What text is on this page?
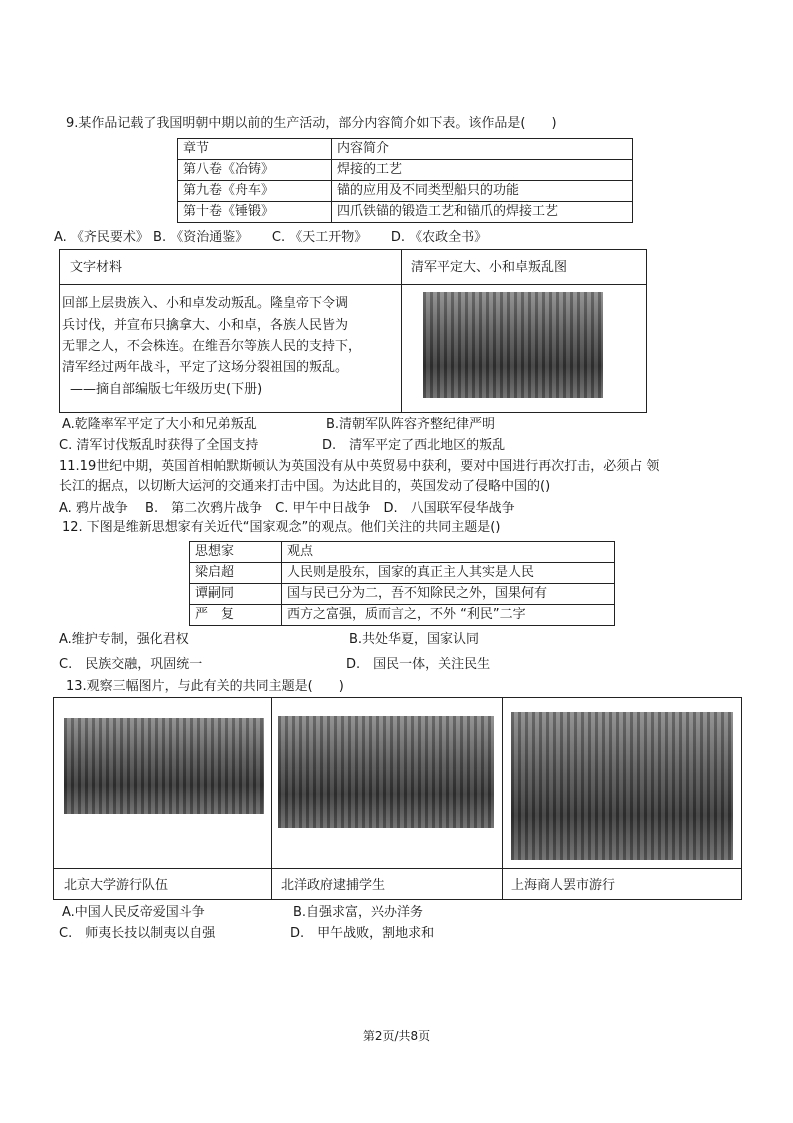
9.某作品记载了我国明朝中期以前的生产活动，部分内容简介如下表。该作品是(　　)
章节	内容简介
第八卷《冶铸》	焊接的工艺
第九卷《舟车》	锚的应用及不同类型船只的功能
第十卷《锤锻》	四爪铁锚的锻造工艺和锚爪的焊接工艺
A. 《齐民要术》 B. 《资治通鉴》　　 C. 《天工开物》　　 D. 《农政全书》
文字材料	清军平定大、小和卓叛乱图
回部上层贵族入、小和卓发动叛乱。隆皇帝下令调
兵讨伐，并宣布只擒拿大、小和卓，各族人民皆为
无罪之人，不会株连。在维吾尔等族人民的支持下，
清军经过两年战斗，平定了这场分裂祖国的叛乱。
——摘自部编版七年级历史(下册)
A.乾隆率军平定了大小和兄弟叛乱	B.清朝军队阵容齐整纪律严明
C. 清军讨伐叛乱时获得了全国支持	D.　清军平定了西北地区的叛乱
11.19世纪中期，英国首相帕默斯顿认为英国没有从中英贸易中获利，要对中国进行再次打击，必须占 领
长江的据点，以切断大运河的交通来打击中国。为达此目的，英国发动了侵略中国的()
A. 鸦片战争　 B.　第二次鸦片战争　C. 甲午中日战争　D.　八国联军侵华战争
12. 下图是维新思想家有关近代“国家观念”的观点。他们关注的共同主题是()
思想家	观点
梁启超	人民则是股东，国家的真正主人其实是人民
谭嗣同	国与民已分为二，吾不知除民之外，国果何有
严　复	西方之富强，质而言之，不外 “利民”二字
A.维护专制，强化君权	B.共处华夏，国家认同
C.　民族交融，巩固统一	D.　国民一体，关注民生
13.观察三幅图片，与此有关的共同主题是(　　)
北京大学游行队伍	北洋政府逮捕学生	上海商人罢市游行
A.中国人民反帝爱国斗争	B.自强求富，兴办洋务
C.　师夷长技以制夷以自强	D.　甲午战败，割地求和
第2页/共8页
